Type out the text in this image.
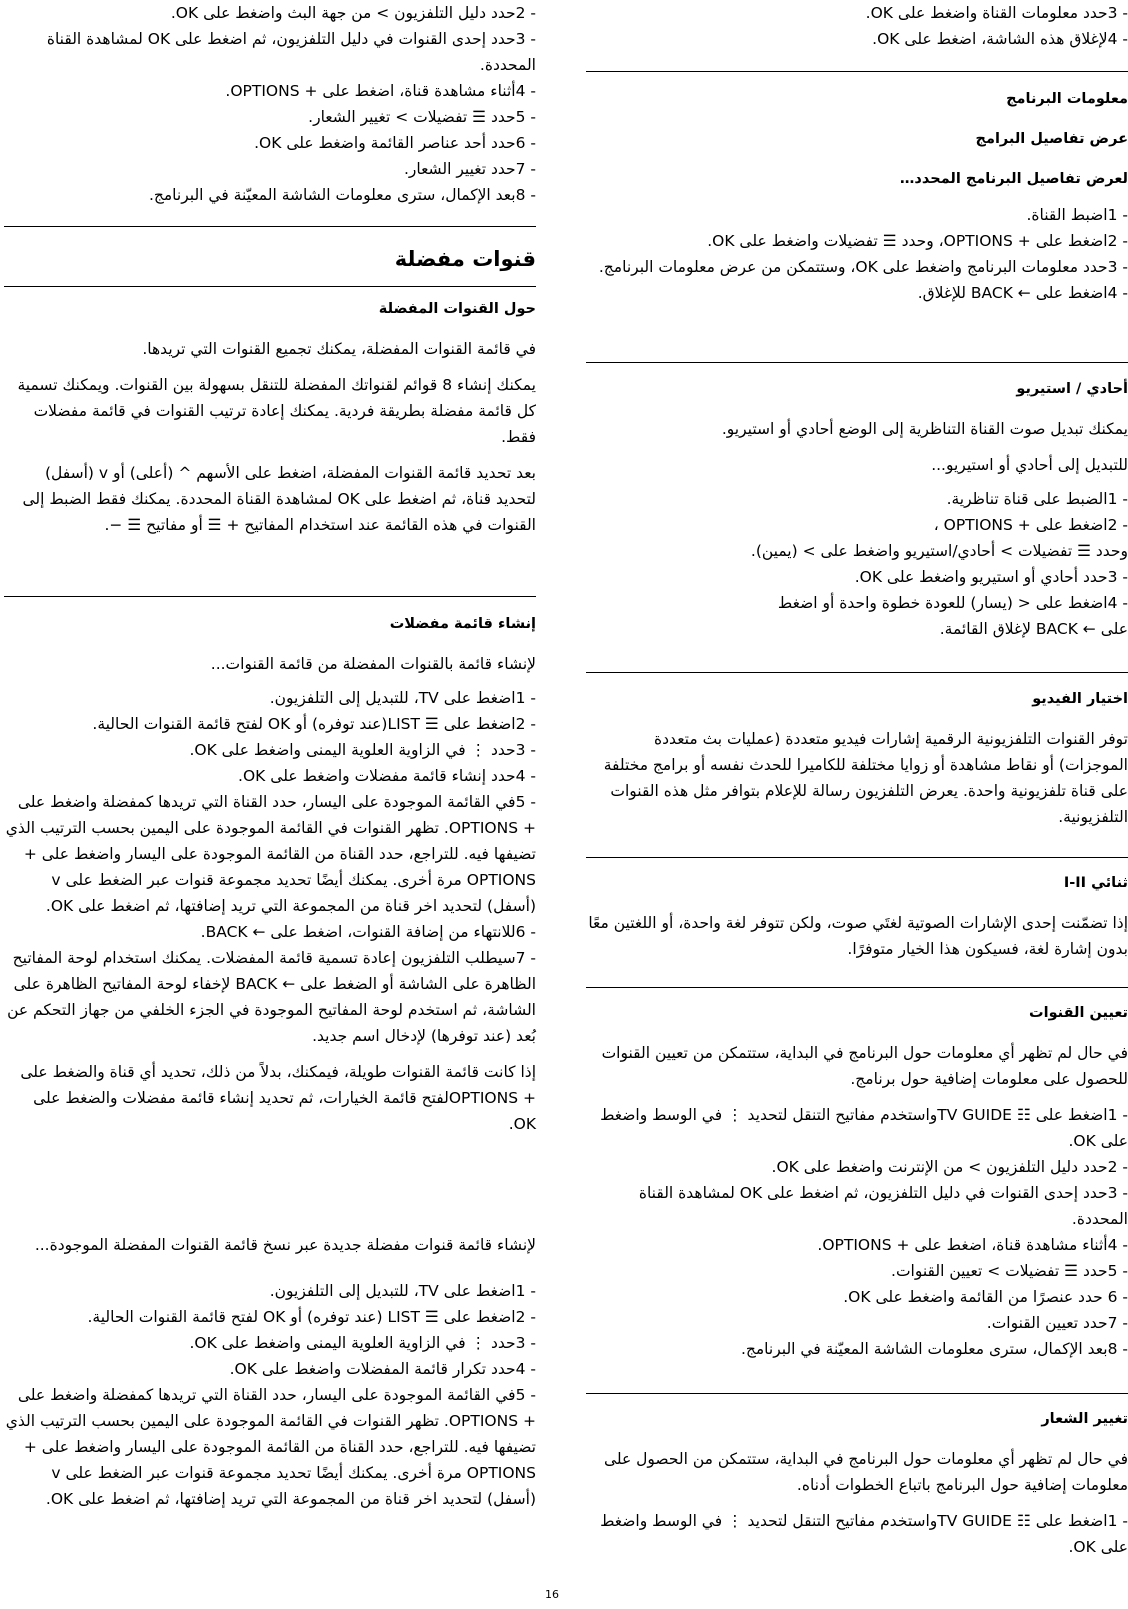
- 3حدد معلومات القناة واضغط على OK.

- 4لإغلاق هذه الشاشة، اضغط على OK.

معلومات البرنامج

عرض تفاصيل البرامج

لعرض تفاصيل البرنامج المحدد…

- 1اضبط القناة.

- 2اضغط على + OPTIONS، وحدد ☰ تفضيلات واضغط على OK.

- 3حدد معلومات البرنامج واضغط على OK، وستتمكن من عرض معلومات البرنامج.

- 4اضغط على ← BACK للإغلاق.

أحادي / استيريو

يمكنك تبديل صوت القناة التناظرية إلى الوضع أحادي أو استيريو.

للتبديل إلى أحادي أو استيريو...

- 1الضبط على قناة تناظرية.

- 2اضغط على + OPTIONS ،

وحدد ☰ تفضيلات > أحادي/استيريو واضغط على > (يمين).

- 3حدد أحادي أو استيريو واضغط على OK.

- 4اضغط على < (يسار) للعودة خطوة واحدة أو اضغط

على ← BACK لإغلاق القائمة.

اختيار الفيديو

توفر القنوات التلفزيونية الرقمية إشارات فيديو متعددة (عمليات بث متعددة الموجزات) أو نقاط مشاهدة أو زوايا مختلفة للكاميرا للحدث نفسه أو برامج مختلفة على قناة تلفزيونية واحدة. يعرض التلفزيون رسالة للإعلام بتوافر مثل هذه القنوات التلفزيونية.

ثنائي I-II

إذا تضمّنت إحدى الإشارات الصوتية لغتَي صوت، ولكن تتوفر لغة واحدة، أو اللغتين معًا بدون إشارة لغة، فسيكون هذا الخيار متوفرًا.

تعيين القنوات

في حال لم تظهر أي معلومات حول البرنامج في البداية، ستتمكن من تعيين القنوات للحصول على معلومات إضافية حول برنامج.

- 1اضغط على ☷ TV GUIDEواستخدم مفاتيح التنقل لتحديد ⋮ في الوسط واضغط على OK.

- 2حدد دليل التلفزيون > من الإنترنت واضغط على OK.

- 3حدد إحدى القنوات في دليل التلفزيون، ثم اضغط على OK لمشاهدة القناة المحددة.

- 4أثناء مشاهدة قناة، اضغط على + OPTIONS.

- 5حدد ☰ تفضيلات > تعيين القنوات.

- 6 حدد عنصرًا من القائمة واضغط على OK.

- 7حدد تعيين القنوات.

- 8بعد الإكمال، سترى معلومات الشاشة المعيّنة في البرنامج.

تغيير الشعار

في حال لم تظهر أي معلومات حول البرنامج في البداية، ستتمكن من الحصول على معلومات إضافية حول البرنامج باتباع الخطوات أدناه.

- 1اضغط على ☷ TV GUIDEواستخدم مفاتيح التنقل لتحديد ⋮ في الوسط واضغط على OK.

- 2حدد دليل التلفزيون > من جهة البث واضغط على OK.

- 3حدد إحدى القنوات في دليل التلفزيون، ثم اضغط على OK لمشاهدة القناة المحددة.

- 4أثناء مشاهدة قناة، اضغط على + OPTIONS.

- 5حدد ☰ تفضيلات > تغيير الشعار.

- 6حدد أحد عناصر القائمة واضغط على OK.

- 7حدد تغيير الشعار.

- 8بعد الإكمال، سترى معلومات الشاشة المعيّنة في البرنامج.

قنوات مفضلة

حول القنوات المفضلة

في قائمة القنوات المفضلة، يمكنك تجميع القنوات التي تريدها.

يمكنك إنشاء 8 قوائم لقنواتك المفضلة للتنقل بسهولة بين القنوات. ويمكنك تسمية كل قائمة مفضلة بطريقة فردية. يمكنك إعادة ترتيب القنوات في قائمة مفضلات فقط.

بعد تحديد قائمة القنوات المفضلة، اضغط على الأسهم ^ (أعلى) أو v (أسفل) لتحديد قناة، ثم اضغط على OK لمشاهدة القناة المحددة. يمكنك فقط الضبط إلى القنوات في هذه القائمة عند استخدام المفاتيح + ☰ أو مفاتيح ☰ −.

إنشاء قائمة مفضلات

لإنشاء قائمة بالقنوات المفضلة من قائمة القنوات...

- 1اضغط على TV، للتبديل إلى التلفزيون.

- 2اضغط على ☰ LIST(عند توفره) أو OK لفتح قائمة القنوات الحالية.

- 3حدد ⋮ في الزاوية العلوية اليمنى واضغط على OK.

- 4حدد إنشاء قائمة مفضلات واضغط على OK.

- 5في القائمة الموجودة على اليسار، حدد القناة التي تريدها كمفضلة واضغط على + OPTIONS. تظهر القنوات في القائمة الموجودة على اليمين بحسب الترتيب الذي تضيفها فيه. للتراجع، حدد القناة من القائمة الموجودة على اليسار واضغط على + OPTIONS مرة أخرى. يمكنك أيضًا تحديد مجموعة قنوات عبر الضغط على v (أسفل) لتحديد اخر قناة من المجموعة التي تريد إضافتها، ثم اضغط على OK.

- 6للانتهاء من إضافة القنوات، اضغط على ← BACK.

- 7سيطلب التلفزيون إعادة تسمية قائمة المفضلات. يمكنك استخدام لوحة المفاتيح الظاهرة على الشاشة أو الضغط على ← BACK لإخفاء لوحة المفاتيح الظاهرة على الشاشة، ثم استخدم لوحة المفاتيح الموجودة في الجزء الخلفي من جهاز التحكم عن بُعد (عند توفرها) لإدخال اسم جديد.

إذا كانت قائمة القنوات طويلة، فيمكنك، بدلاً من ذلك، تحديد أي قناة والضغط على + OPTIONSلفتح قائمة الخيارات، ثم تحديد إنشاء قائمة مفضلات والضغط على OK.

لإنشاء قائمة قنوات مفضلة جديدة عبر نسخ قائمة القنوات المفضلة الموجودة...

- 1اضغط على TV، للتبديل إلى التلفزيون.

- 2اضغط على ☰ LIST (عند توفره) أو OK لفتح قائمة القنوات الحالية.

- 3حدد ⋮ في الزاوية العلوية اليمنى واضغط على OK.

- 4حدد تكرار قائمة المفضلات واضغط على OK.

- 5في القائمة الموجودة على اليسار، حدد القناة التي تريدها كمفضلة واضغط على + OPTIONS. تظهر القنوات في القائمة الموجودة على اليمين بحسب الترتيب الذي تضيفها فيه. للتراجع، حدد القناة من القائمة الموجودة على اليسار واضغط على + OPTIONS مرة أخرى. يمكنك أيضًا تحديد مجموعة قنوات عبر الضغط على v (أسفل) لتحديد اخر قناة من المجموعة التي تريد إضافتها، ثم اضغط على OK.

16
